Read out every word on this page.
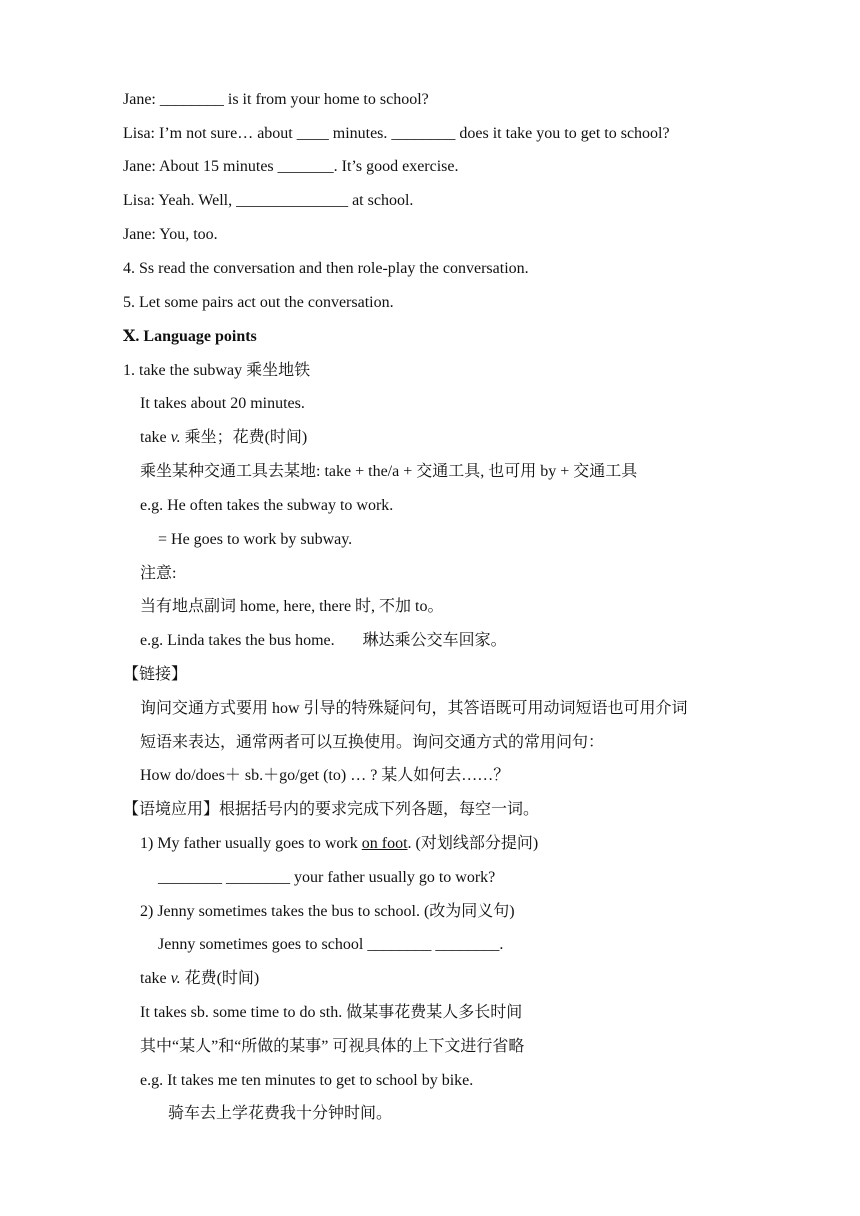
Jane: ________ is it from your home to school?
Lisa: I’m not sure… about ____ minutes. ________ does it take you to get to school?
Jane: About 15 minutes _______. It’s good exercise.
Lisa: Yeah. Well, ______________ at school.
Jane: You, too.
4. Ss read the conversation and then role-play the conversation.
5. Let some pairs act out the conversation.
Ⅹ. Language points
1. take the subway 乘坐地铁
It takes about 20 minutes.
take v. 乘坐；花费(时间)
乘坐某种交通工具去某地: take + the/a + 交通工具, 也可用 by + 交通工具
e.g. He often takes the subway to work.
= He goes to work by subway.
注意:
当有地点副词 home, here, there 时, 不加 to。
e.g. Linda takes the bus home. 琳达乘公交车回家。
【链接】
询问交通方式要用 how 引导的特殊疑问句，其答语既可用动词短语也可用介词
短语来表达，通常两者可以互换使用。询问交通方式的常用问句：
How do/does＋ sb.＋go/get (to) … ? 某人如何去……？
【语境应用】根据括号内的要求完成下列各题，每空一词。
1) My father usually goes to work on foot. (对划线部分提问)
________ ________ your father usually go to work?
2) Jenny sometimes takes the bus to school. (改为同义句)
Jenny sometimes goes to school ________ ________.
take v. 花费(时间)
It takes sb. some time to do sth. 做某事花费某人多长时间
其中“某人”和“所做的某事” 可视具体的上下文进行省略
e.g. It takes me ten minutes to get to school by bike.
骑车去上学花费我十分钟时间。
